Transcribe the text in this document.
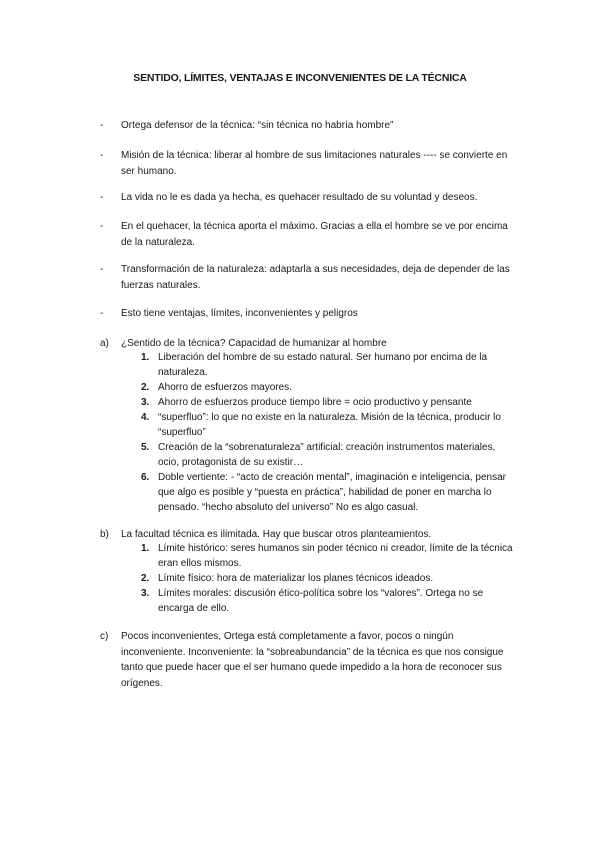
SENTIDO, LÍMITES, VENTAJAS E INCONVENIENTES DE LA TÉCNICA
- Ortega defensor de la técnica: “sin técnica no habría hombre”
- Misión de la técnica: liberar al hombre de sus limitaciones naturales ---- se convierte en ser humano.
- La vida no le es dada ya hecha, es quehacer resultado de su voluntad y deseos.
- En el quehacer, la técnica aporta el máximo. Gracias a ella el hombre se ve por encima de la naturaleza.
- Transformación de la naturaleza: adaptarla a sus necesidades, deja de depender de las fuerzas naturales.
- Esto tiene ventajas, límites, inconvenientes y peligros
a) ¿Sentido de la técnica? Capacidad de humanizar al hombre
1. Liberación del hombre de su estado natural. Ser humano por encima de la naturaleza.
2. Ahorro de esfuerzos mayores.
3. Ahorro de esfuerzos produce tiempo libre = ocio productivo y pensante
4. “superfluo”: lo que no existe en la naturaleza. Misión de la técnica, producir lo “superfluo”
5. Creación de la “sobrenaturaleza” artificial: creación instrumentos materiales, ocio, protagonista de su existir…
6. Doble vertiente: - “acto de creación mental”, imaginación e inteligencia, pensar que algo es posible y “puesta en práctica”, habilidad de poner en marcha lo pensado. “hecho absoluto del universo” No es algo casual.
b) La facultad técnica es ilimitada. Hay que buscar otros planteamientos.
1. Límite histórico: seres humanos sin poder técnico ni creador, límite de la técnica eran ellos mismos.
2. Límite físico: hora de materializar los planes técnicos ideados.
3. Límites morales: discusión ético-política sobre los “valores”. Ortega no se encarga de ello.
c) Pocos inconvenientes, Ortega está completamente a favor, pocos o ningún inconveniente. Inconveniente: la “sobreabundancia” de la técnica es que nos consigue tanto que puede hacer que el ser humano quede impedido a la hora de reconocer sus orígenes.
